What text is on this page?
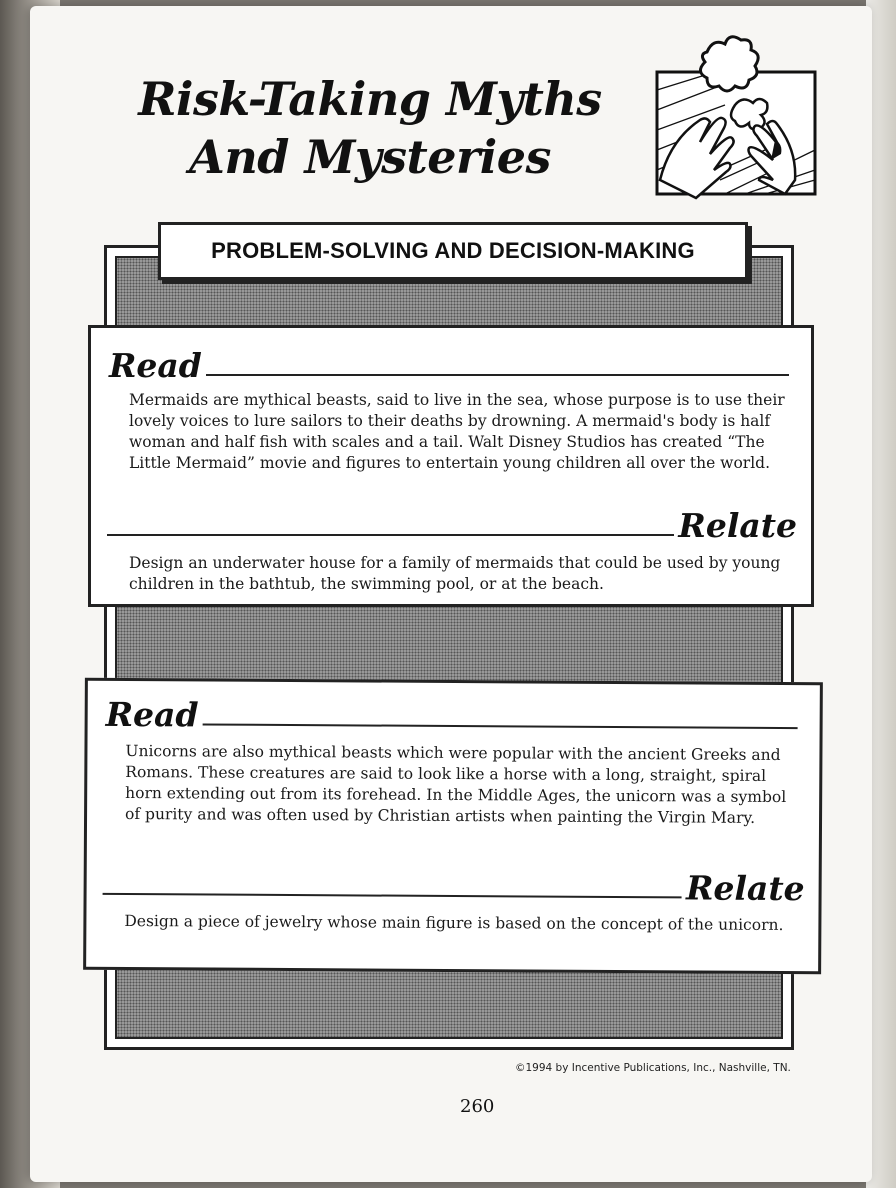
Risk-Taking Myths
And Mysteries
PROBLEM-SOLVING AND DECISION-MAKING
Read
Mermaids are mythical beasts, said to live in the sea, whose purpose is to use their lovely voices to lure sailors to their deaths by drowning. A mermaid's body is half woman and half fish with scales and a tail. Walt Disney Studios has created “The Little Mermaid” movie and figures to entertain young children all over the world.
Relate
Design an underwater house for a family of mermaids that could be used by young children in the bathtub, the swimming pool, or at the beach.
Read
Unicorns are also mythical beasts which were popular with the ancient Greeks and Romans. These creatures are said to look like a horse with a long, straight, spiral horn extending out from its forehead. In the Middle Ages, the unicorn was a symbol of purity and was often used by Christian artists when painting the Virgin Mary.
Relate
Design a piece of jewelry whose main figure is based on the concept of the unicorn.
©1994 by Incentive Publications, Inc., Nashville, TN.
260
